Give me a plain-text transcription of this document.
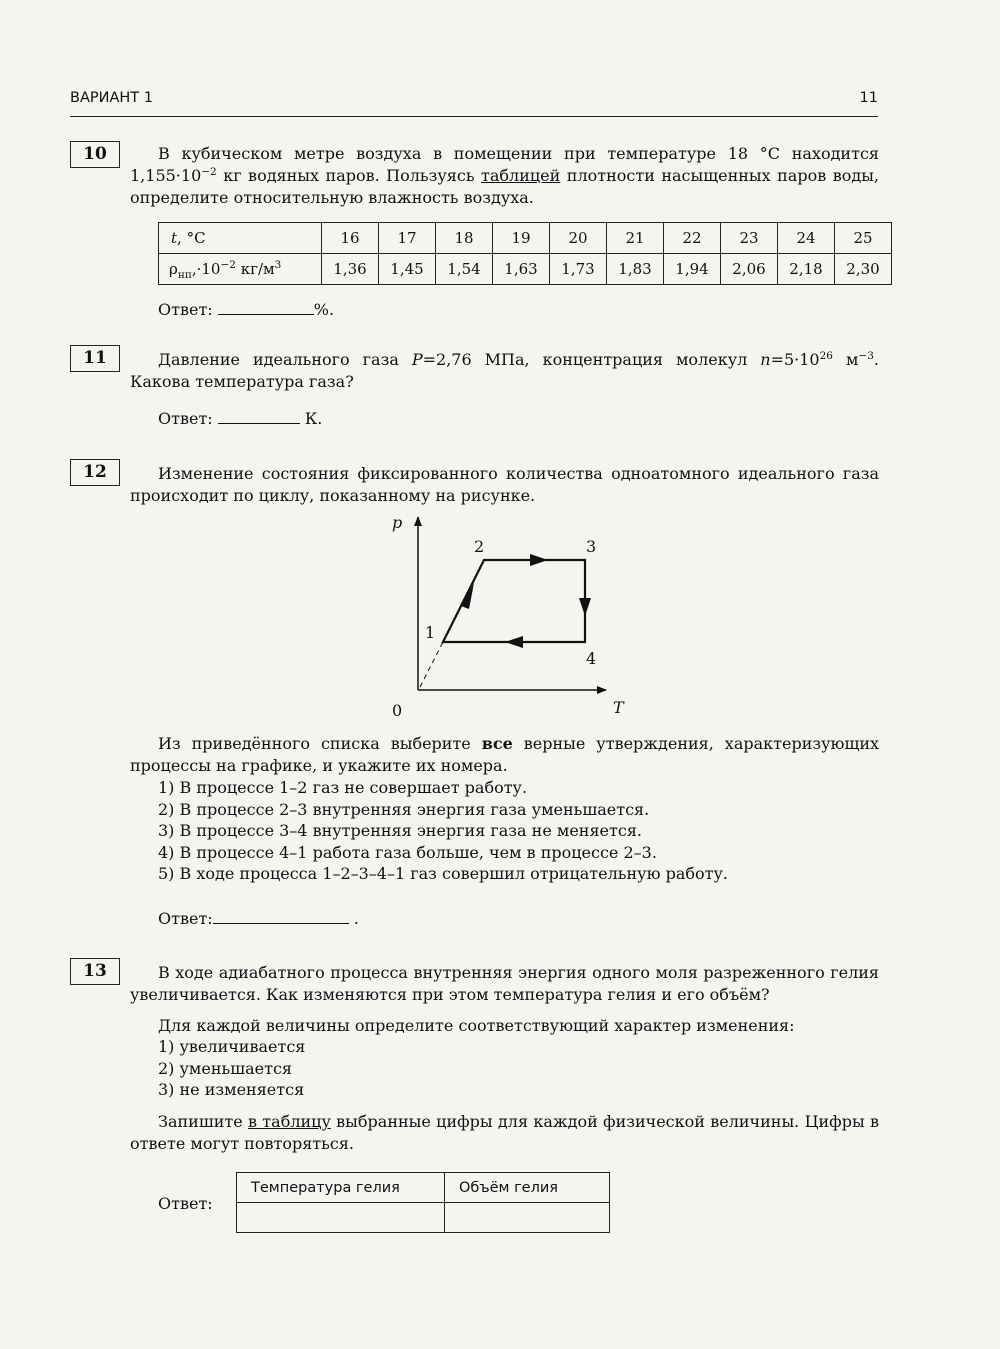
ВАРИАНТ 1	11
10	В кубическом метре воздуха в помещении при температуре 18 °C находится $1,155\cdot 10^{-2}$ кг водяных паров. Пользуясь таблицей плотности насыщенных паров воды, определите относительную влажность воздуха.
t, °C	16	17	18	19	20	21	22	23	24	25
$\rho_{нп},\cdot 10^{-2}$ $кг/м^3$	1,36	1,45	1,54	1,63	1,73	1,83	1,94	2,06	2,18	2,30
Ответ:	%.
11	Давление идеального газа P=2,76 МПа, концентрация молекул $n=5\cdot 10^{26}$ $м^{-3}$. Какова температура газа?
Ответ:	К.
12	Изменение состояния фиксированного количества одноатомного идеального газа происходит по циклу, показанному на рисунке.
p
T
0
1
2	3
4
Из приведённого списка выберите все верные утверждения, характеризующих процессы на графике, и укажите их номера.
1) В процессе 1–2 газ не совершает работу.
2) В процессе 2–3 внутренняя энергия газа уменьшается.
3) В процессе 3–4 внутренняя энергия газа не меняется.
4) В процессе 4–1 работа газа больше, чем в процессе 2–3.
5) В ходе процесса 1–2–3–4–1 газ совершил отрицательную работу.
Ответ:	.
13	В ходе адиабатного процесса внутренняя энергия одного моля разреженного гелия увеличивается. Как изменяются при этом температура гелия и его объём?
Для каждой величины определите соответствующий характер изменения:
1) увеличивается
2) уменьшается
3) не изменяется
Запишите в таблицу выбранные цифры для каждой физической величины. Цифры в ответе могут повторяться.
Ответ:
Температура гелия	Объём гелия
